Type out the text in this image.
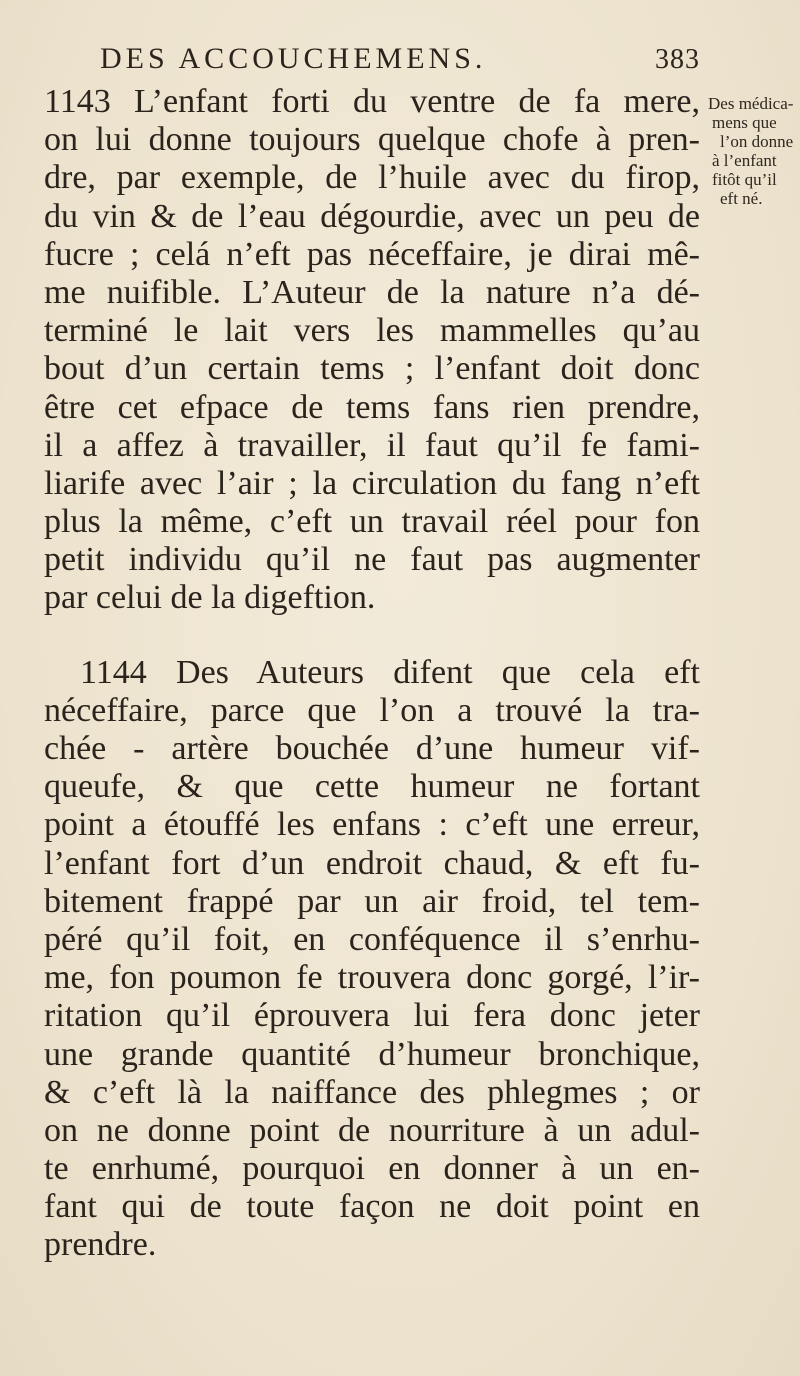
DES ACCOUCHEMENS.	383
1143 L’enfant forti du ventre de fa mere,
on lui donne toujours quelque chofe à pren-
dre, par exemple, de l’huile avec du firop,
du vin & de l’eau dégourdie, avec un peu de
fucre ; celá n’eft pas néceffaire, je dirai mê-
me nuifible. L’Auteur de la nature n’a dé-
terminé le lait vers les mammelles qu’au
bout d’un certain tems ; l’enfant doit donc
être cet efpace de tems fans rien prendre,
il a affez à travailler, il faut qu’il fe fami-
liarife avec l’air ; la circulation du fang n’eft
plus la même, c’eft un travail réel pour fon
petit individu qu’il ne faut pas augmenter
par celui de la digeftion.
1144 Des Auteurs difent que cela eft
néceffaire, parce que l’on a trouvé la tra-
chée - artère bouchée d’une humeur vif-
queufe, & que cette humeur ne fortant
point a étouffé les enfans : c’eft une erreur,
l’enfant fort d’un endroit chaud, & eft fu-
bitement frappé par un air froid, tel tem-
péré qu’il foit, en conféquence il s’enrhu-
me, fon poumon fe trouvera donc gorgé, l’ir-
ritation qu’il éprouvera lui fera donc jeter
une grande quantité d’humeur bronchique,
& c’eft là la naiffance des phlegmes ; or
on ne donne point de nourriture à un adul-
te enrhumé, pourquoi en donner à un en-
fant qui de toute façon ne doit point en
prendre.
Des médica-
mens que
l’on donne
à l’enfant
fitôt qu’il
eft né.
